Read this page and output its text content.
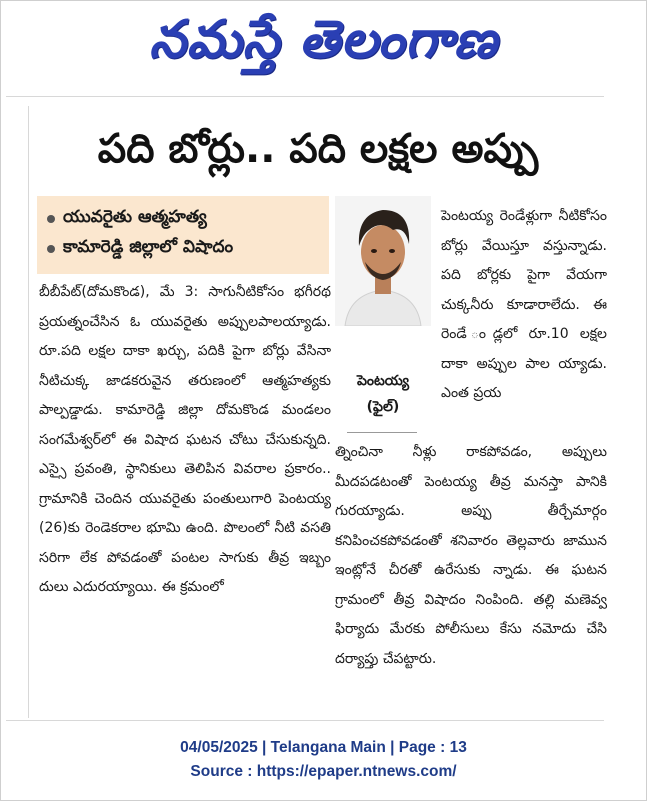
నమస్తే తెలంగాణ
పది బోర్లు.. పది లక్షల అప్పు
యువరైతు ఆత్మహత్య
కామారెడ్డి జిల్లాలో విషాదం
బీబీపేట్(దోమకొండ), మే 3: సాగునీటికోసం భగీరథ ప్రయత్నంచేసిన ఓ యువరైతు అప్పులపాలయ్యాడు. రూ.పది లక్షల దాకా ఖర్చు, పదికి పైగా బోర్లు వేసినా నీటిచుక్క జాడకరువైన తరుణంలో ఆత్మహత్యకు పాల్పడ్డాడు. కామారెడ్డి జిల్లా దోమకొండ మండలం సంగమేశ్వర్‌లో ఈ విషాద ఘటన చోటు చేసుకున్నది. ఎస్సై ప్రవంతి, స్థానికులు తెలిపిన వివరాల ప్రకారం.. గ్రామానికి చెందిన యువరైతు పంతులుగారి పెంటయ్య (26)కు రెండెకరాల భూమి ఉంది. పొలంలో నీటి వసతి సరిగా లేక పోవడంతో పంటల సాగుకు తీవ్ర ఇబ్బం దులు ఎదురయ్యాయి. ఈ క్రమంలో
పెంటయ్య
(ఫైల్)
పెంటయ్య రెండేళ్లుగా నీటికోసం బోర్లు వేయిస్తూ వస్తున్నాడు. పది బోర్లకు పైగా వేయగా చుక్కనీరు కూడారాలేదు. ఈ రెండే ండ్లలో రూ.10 లక్షల దాకా అప్పుల పాల య్యాడు. ఎంత ప్రయ
త్నించినా నీళ్లు రాకపోవడం, అప్పులు మీదపడటంతో పెంటయ్య తీవ్ర మనస్తా పానికి గురయ్యాడు. అప్పు తీర్చేమార్గం కనిపించకపోవడంతో శనివారం తెల్లవారు జామున ఇంట్లోనే చీరతో ఉరేసుకు న్నాడు. ఈ ఘటన గ్రామంలో తీవ్ర విషాదం నింపింది. తల్లి మణెవ్వ ఫిర్యాదు మేరకు పోలీసులు కేసు నమోదు చేసి దర్యాప్తు చేపట్టారు.
04/05/2025 | Telangana Main | Page : 13
Source : https://epaper.ntnews.com/
